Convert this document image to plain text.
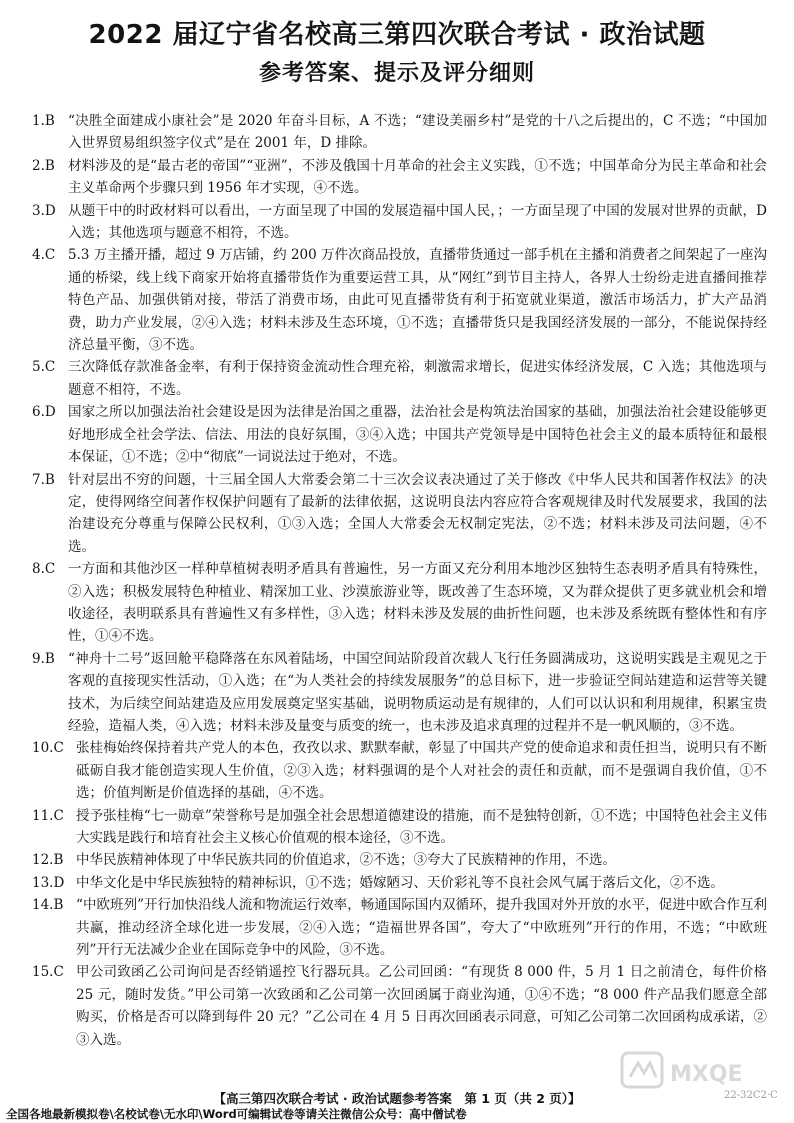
2022 届辽宁省名校高三第四次联合考试 · 政治试题
参考答案、提示及评分细则
1.B “决胜全面建成小康社会”是 2020 年奋斗目标，A 不选；“建设美丽乡村”是党的十八之后提出的，C 不选；“中国加入世界贸易组织签字仪式”是在 2001 年，D 排除。
2.B 材料涉及的是“最古老的帝国”“亚洲”，不涉及俄国十月革命的社会主义实践，①不选；中国革命分为民主革命和社会主义革命两个步骤只到 1956 年才实现，④不选。
3.D 从题干中的时政材料可以看出，一方面呈现了中国的发展造福中国人民，；一方面呈现了中国的发展对世界的贡献，D 入选；其他选项与题意不相符，不选。
4.C 5.3 万主播开播，超过 9 万店铺，约 200 万件次商品投放，直播带货通过一部手机在主播和消费者之间架起了一座沟通的桥梁，线上线下商家开始将直播带货作为重要运营工具，从“网红”到节目主持人，各界人士纷纷走进直播间推荐特色产品、加强供销对接，带活了消费市场，由此可见直播带货有利于拓宽就业渠道，激活市场活力，扩大产品消费，助力产业发展，②④入选；材料未涉及生态环境，①不选；直播带货只是我国经济发展的一部分，不能说保持经济总量平衡，③不选。
5.C 三次降低存款准备金率，有利于保持资金流动性合理充裕，刺激需求增长，促进实体经济发展，C 入选；其他选项与题意不相符，不选。
6.D 国家之所以加强法治社会建设是因为法律是治国之重器，法治社会是构筑法治国家的基础，加强法治社会建设能够更好地形成全社会学法、信法、用法的良好氛围，③④入选；中国共产党领导是中国特色社会主义的最本质特征和最根本保证，①不选；②中“彻底”一词说法过于绝对，不选。
7.B 针对层出不穷的问题，十三届全国人大常委会第二十三次会议表决通过了关于修改《中华人民共和国著作权法》的决定，使得网络空间著作权保护问题有了最新的法律依据，这说明良法内容应符合客观规律及时代发展要求，我国的法治建设充分尊重与保障公民权利，①③入选；全国人大常委会无权制定宪法，②不选；材料未涉及司法问题，④不选。
8.C 一方面和其他沙区一样种草植树表明矛盾具有普遍性，另一方面又充分利用本地沙区独特生态表明矛盾具有特殊性，②入选；积极发展特色种植业、精深加工业、沙漠旅游业等，既改善了生态环境，又为群众提供了更多就业机会和增收途径，表明联系具有普遍性又有多样性，③入选；材料未涉及发展的曲折性问题，也未涉及系统既有整体性和有序性，①④不选。
9.B “神舟十二号”返回舱平稳降落在东风着陆场，中国空间站阶段首次载人飞行任务圆满成功，这说明实践是主观见之于客观的直接现实性活动，①入选；在“为人类社会的持续发展服务”的总目标下，进一步验证空间站建造和运营等关键技术，为后续空间站建造及应用发展奠定坚实基础，说明物质运动是有规律的，人们可以认识和利用规律，积累宝贵经验，造福人类，④入选；材料未涉及量变与质变的统一，也未涉及追求真理的过程并不是一帆风顺的，③不选。
10.C 张桂梅始终保持着共产党人的本色，孜孜以求、默默奉献，彰显了中国共产党的使命追求和责任担当，说明只有不断砥砺自我才能创造实现人生价值，②③入选；材料强调的是个人对社会的责任和贡献，而不是强调自我价值，①不选；价值判断是价值选择的基础，④不选。
11.C 授予张桂梅“七一勋章”荣誉称号是加强全社会思想道德建设的措施，而不是独特创新，①不选；中国特色社会主义伟大实践是践行和培育社会主义核心价值观的根本途径，③不选。
12.B 中华民族精神体现了中华民族共同的价值追求，②不选；③夸大了民族精神的作用，不选。
13.D 中华文化是中华民族独特的精神标识，①不选；婚嫁陋习、天价彩礼等不良社会风气属于落后文化，②不选。
14.B “中欧班列”开行加快沿线人流和物流运行效率，畅通国际国内双循环，提升我国对外开放的水平，促进中欧合作互利共赢，推动经济全球化进一步发展，②④入选；“造福世界各国”，夸大了“中欧班列”开行的作用，不选；“中欧班列”开行无法减少企业在国际竞争中的风险，③不选。
15.C 甲公司致函乙公司询问是否经销遥控飞行器玩具。乙公司回函：“有现货 8 000 件，5 月 1 日之前清仓，每件价格 25 元，随时发货。”甲公司第一次致函和乙公司第一次回函属于商业沟通，①④不选；“8 000 件产品我们愿意全部购买，价格是否可以降到每件 20 元？”乙公司在 4 月 5 日再次回函表示同意，可知乙公司第二次回函构成承诺，②③入选。
MXQE
【高三第四次联合考试 · 政治试题参考答案　第 1 页（共 2 页）】	22-32C2·C
全国各地最新模拟卷\名校试卷\无水印\Word可编辑试卷等请关注微信公众号：高中僧试卷
